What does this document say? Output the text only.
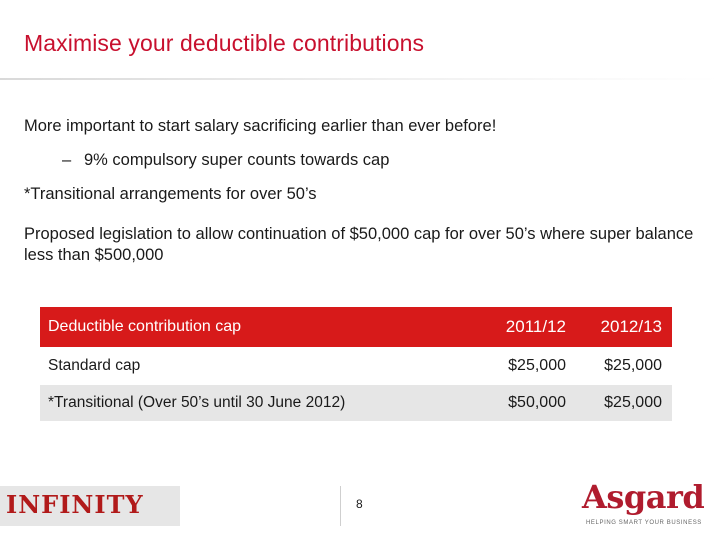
Maximise your deductible contributions
More important to start salary sacrificing earlier than ever before!
– 9% compulsory super counts towards cap
*Transitional arrangements for over 50’s
Proposed legislation to allow continuation of $50,000 cap for over 50’s where super balance less than $500,000
Deductible contribution cap	2011/12	2012/13
Standard cap	$25,000	$25,000
*Transitional (Over 50’s until 30 June 2012)	$50,000	$25,000
INFINITY	8	Asgard
HELPING SMART YOUR BUSINESS
